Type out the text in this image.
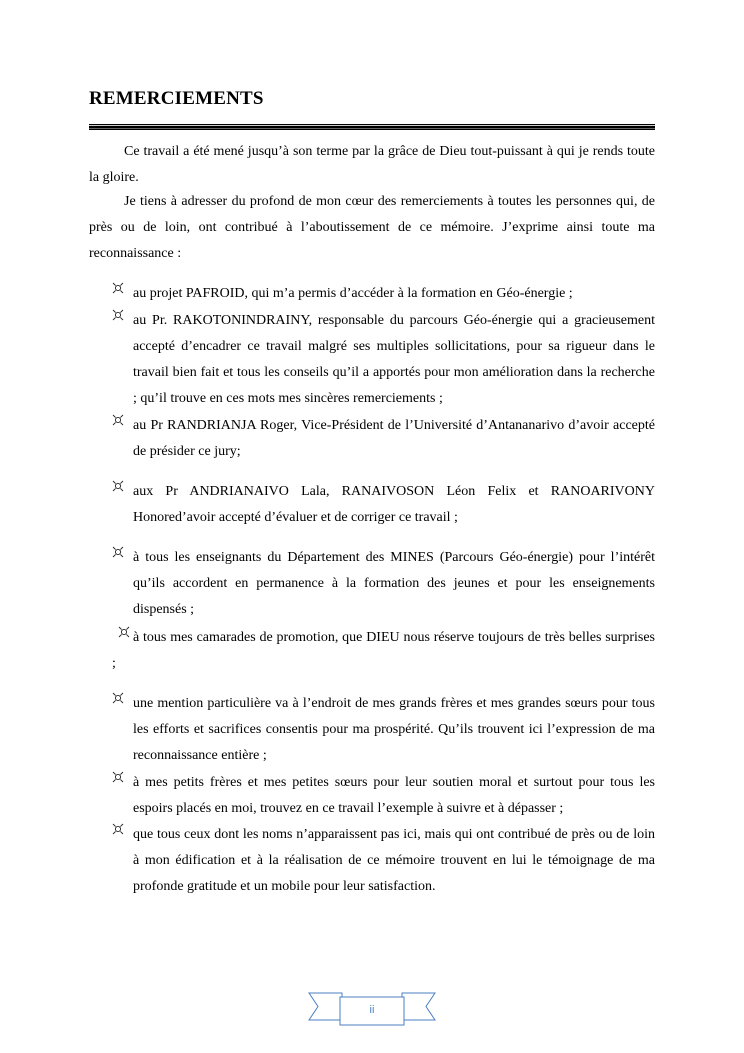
REMERCIEMENTS

Ce travail a été mené jusqu’à son terme par la grâce de Dieu tout-puissant à qui je rends toute la gloire.

Je tiens à adresser du profond de mon cœur des remerciements à toutes les personnes qui, de près ou de loin, ont contribué à l’aboutissement de ce mémoire. J’exprime ainsi toute ma reconnaissance :

au projet PAFROID, qui m’a permis d’accéder à la formation en Géo-énergie ;
au Pr. RAKOTONINDRAINY, responsable du parcours Géo-énergie qui a gracieusement accepté d’encadrer ce travail malgré ses multiples sollicitations, pour sa rigueur dans le travail bien fait et tous les conseils qu’il a apportés pour mon amélioration dans la recherche ; qu’il trouve en ces mots mes sincères remerciements ;
au Pr RANDRIANJA Roger, Vice-Président de l’Université d’Antananarivo d’avoir accepté de présider ce jury;
aux Pr ANDRIANAIVO Lala, RANAIVOSON Léon Felix et RANOARIVONY Honored’avoir accepté d’évaluer et de corriger ce travail ;
à tous les enseignants du Département des MINES (Parcours Géo-énergie) pour l’intérêt qu’ils accordent en permanence à la formation des jeunes et pour les enseignements dispensés ;
à tous mes camarades de promotion, que DIEU nous réserve toujours de très belles surprises ;
une mention particulière va à l’endroit de mes grands frères et mes grandes sœurs pour tous les efforts et sacrifices consentis pour ma prospérité. Qu’ils trouvent ici l’expression de ma reconnaissance entière ;
à mes petits frères et mes petites sœurs pour leur soutien moral et surtout pour tous les espoirs placés en moi, trouvez en ce travail l’exemple à suivre et à dépasser ;
que tous ceux dont les noms n’apparaissent pas ici, mais qui ont contribué de près ou de loin à mon édification et à la réalisation de ce mémoire trouvent en lui le témoignage de ma profonde gratitude et un mobile pour leur satisfaction.
ii
